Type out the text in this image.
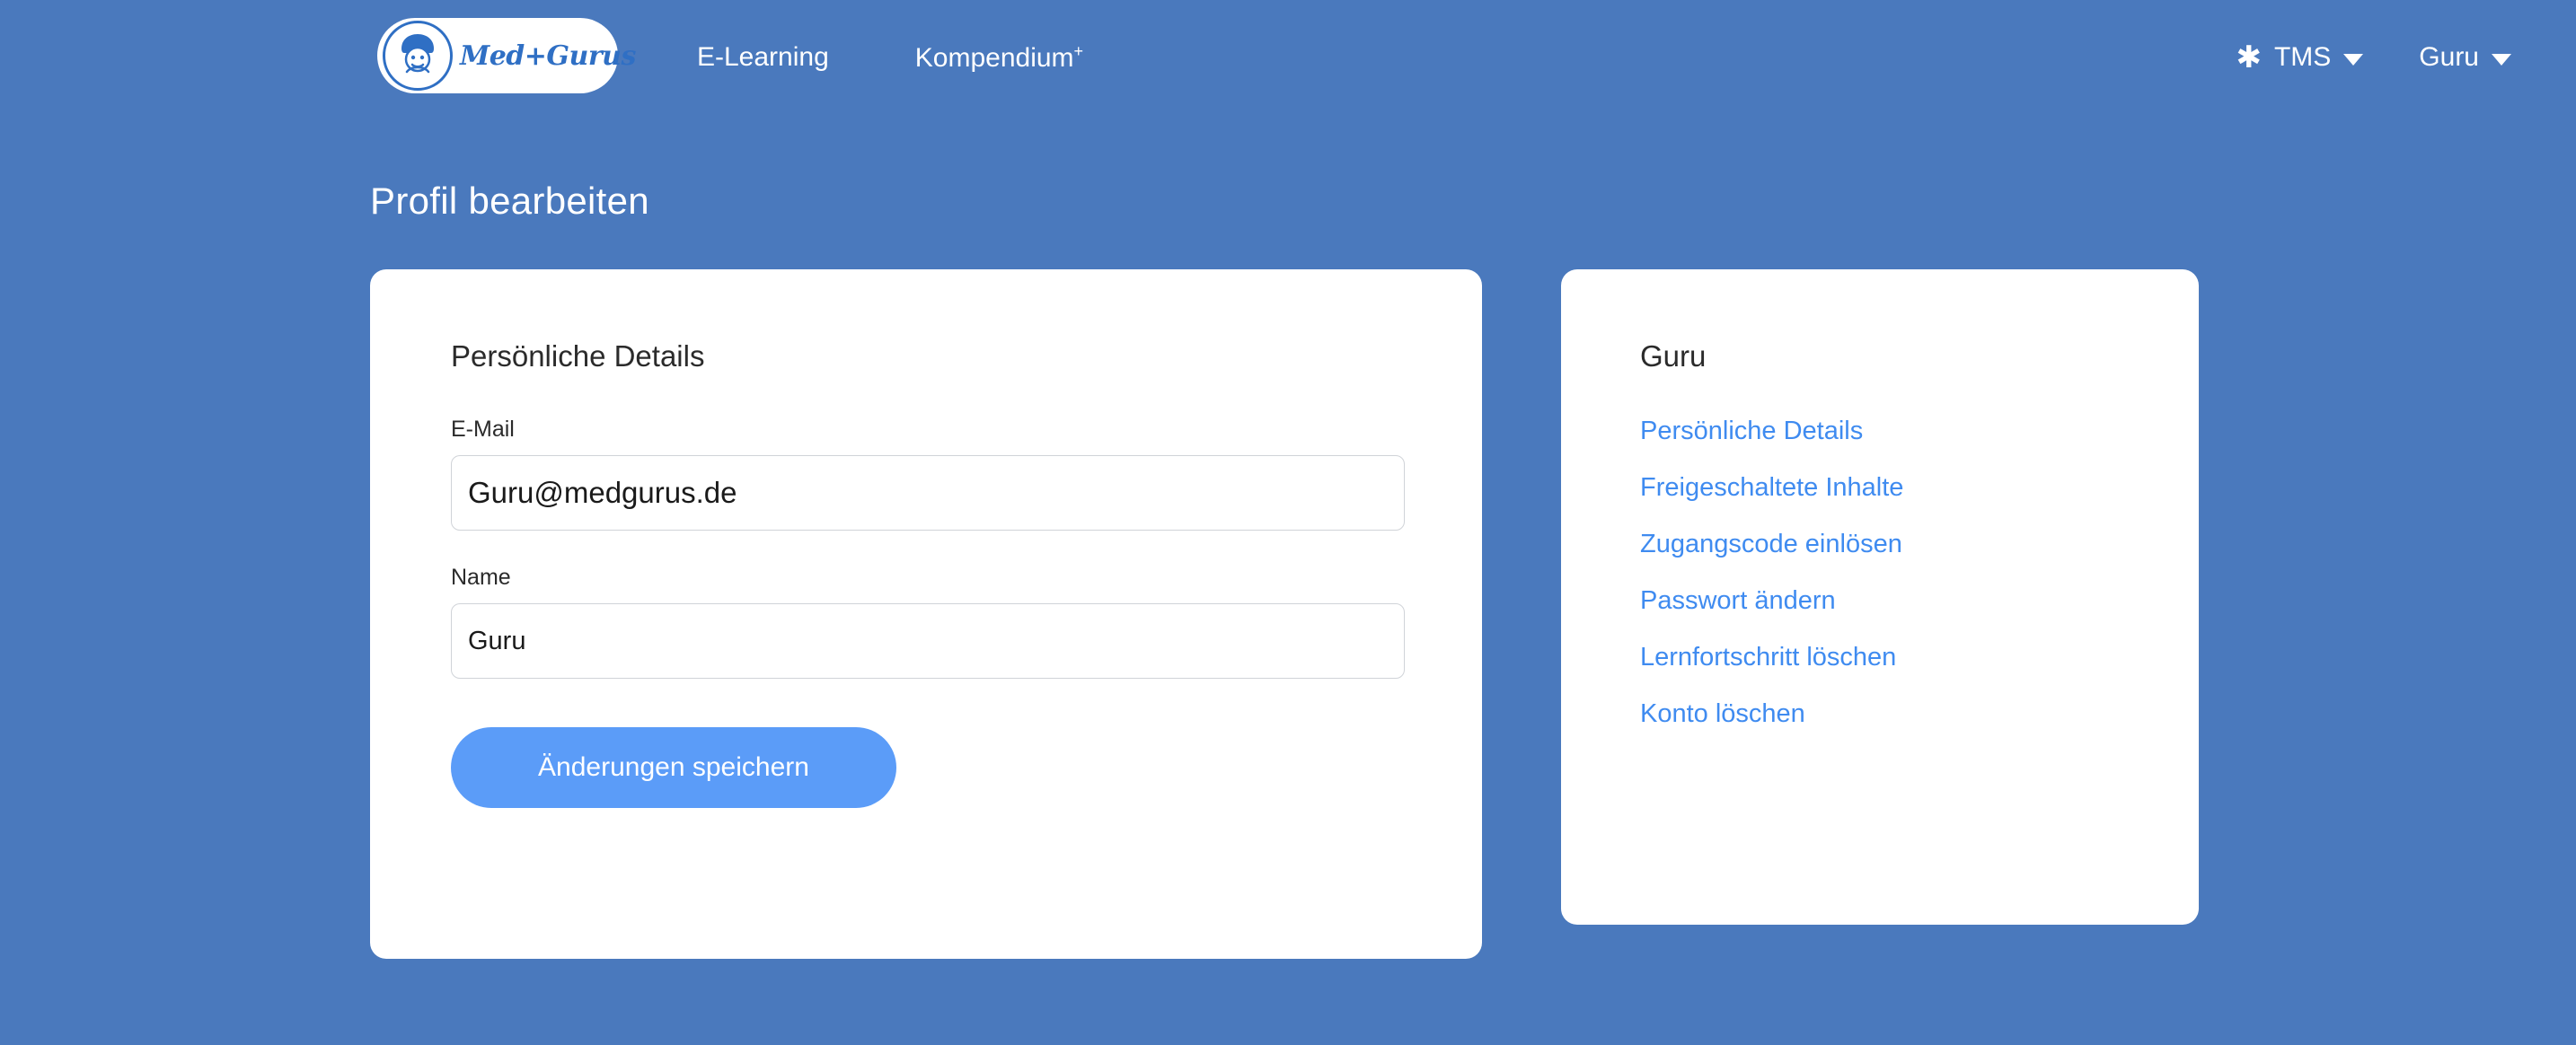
Med+Gurus E-Learning	Kompendium+	✱ TMS	Guru
Profil bearbeiten
Persönliche Details
E-Mail
Guru@medgurus.de
Name
Guru
Änderungen speichern
Guru
Persönliche Details
Freigeschaltete Inhalte
Zugangscode einlösen
Passwort ändern
Lernfortschritt löschen
Konto löschen
